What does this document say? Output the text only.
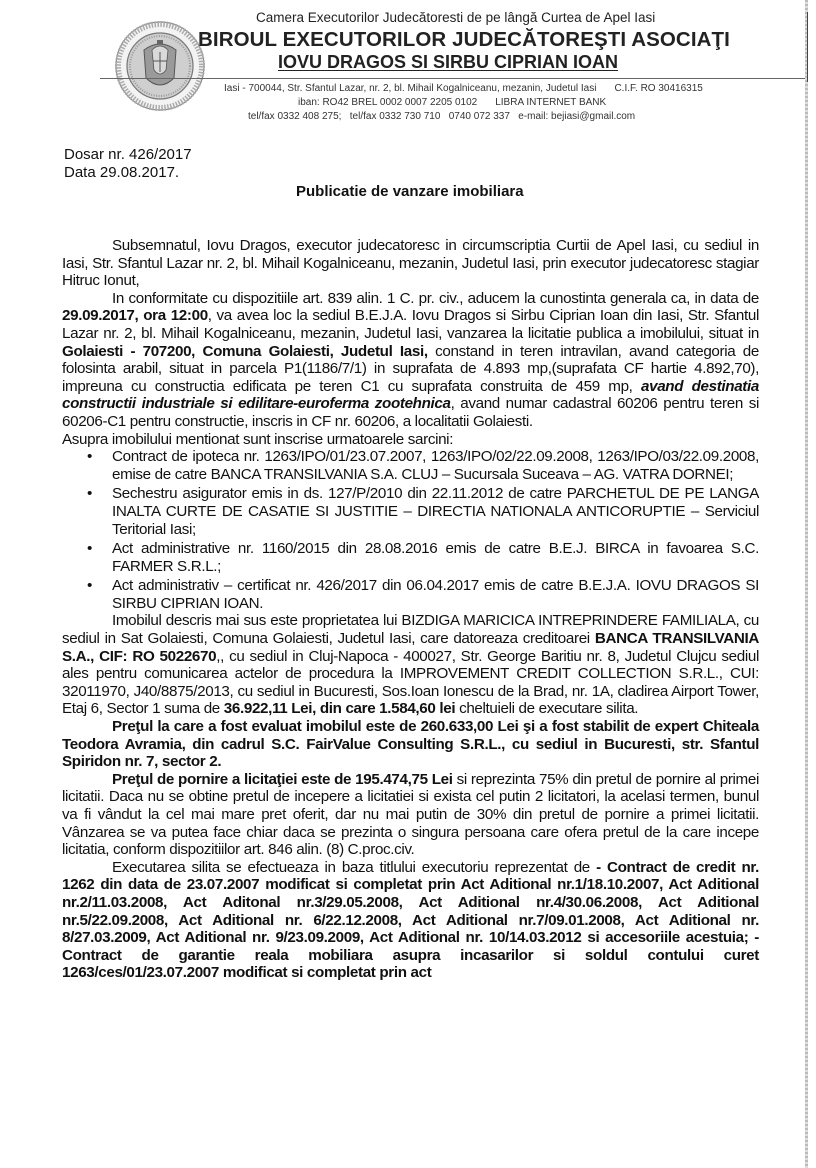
Camera Executorilor Judecătoresti de pe lângă Curtea de Apel Iasi
BIROUL EXECUTORILOR JUDECĂTOREŞTI ASOCIAŢI
IOVU DRAGOS SI SIRBU CIPRIAN IOAN
Iasi - 700044, Str. Sfantul Lazar, nr. 2, bl. Mihail Kogalniceanu, mezanin, Judetul Iasi C.I.F. RO 30416315
iban: RO42 BREL 0002 0007 2205 0102 LIBRA INTERNET BANK
tel/fax 0332 408 275; tel/fax 0332 730 710 0740 072 337 e-mail: bejiasi@gmail.com
Dosar nr. 426/2017
Data 29.08.2017.
Publicatie de vanzare imobiliara

Subsemnatul, Iovu Dragos, executor judecatoresc in circumscriptia Curtii de Apel Iasi, cu sediul in Iasi, Str. Sfantul Lazar nr. 2, bl. Mihail Kogalniceanu, mezanin, Judetul Iasi, prin executor judecatoresc stagiar Hitruc Ionut,

In conformitate cu dispozitiile art. 839 alin. 1 C. pr. civ., aducem la cunostinta generala ca, in data de 29.09.2017, ora 12:00, va avea loc la sediul B.E.J.A. Iovu Dragos si Sirbu Ciprian Ioan din Iasi, Str. Sfantul Lazar nr. 2, bl. Mihail Kogalniceanu, mezanin, Judetul Iasi, vanzarea la licitatie publica a imobilului, situat in Golaiesti - 707200, Comuna Golaiesti, Judetul Iasi, constand in teren intravilan, avand categoria de folosinta arabil, situat in parcela P1(1186/7/1) in suprafata de 4.893 mp,(suprafata CF hartie 4.892,70), impreuna cu constructia edificata pe teren C1 cu suprafata construita de 459 mp, avand destinatia constructii industriale si edilitare-euroferma zootehnica, avand numar cadastral 60206 pentru teren si 60206-C1 pentru constructie, inscris in CF nr. 60206, a localitatii Golaiesti.

Asupra imobilului mentionat sunt inscrise urmatoarele sarcini:

• Contract de ipoteca nr. 1263/IPO/01/23.07.2007, 1263/IPO/02/22.09.2008, 1263/IPO/03/22.09.2008, emise de catre BANCA TRANSILVANIA S.A. CLUJ – Sucursala Suceava – AG. VATRA DORNEI;
• Sechestru asigurator emis in ds. 127/P/2010 din 22.11.2012 de catre PARCHETUL DE PE LANGA INALTA CURTE DE CASATIE SI JUSTITIE – DIRECTIA NATIONALA ANTICORUPTIE – Serviciul Teritorial Iasi;
• Act administrative nr. 1160/2015 din 28.08.2016 emis de catre B.E.J. BIRCA in favoarea S.C. FARMER S.R.L.;
• Act administrativ – certificat nr. 426/2017 din 06.04.2017 emis de catre B.E.J.A. IOVU DRAGOS SI SIRBU CIPRIAN IOAN.

Imobilul descris mai sus este proprietatea lui BIZDIGA MARICICA INTREPRINDERE FAMILIALA, cu sediul in Sat Golaiesti, Comuna Golaiesti, Judetul Iasi, care datoreaza creditoarei BANCA TRANSILVANIA S.A., CIF: RO 5022670,, cu sediul in Cluj-Napoca - 400027, Str. George Baritiu nr. 8, Judetul Clujcu sediul ales pentru comunicarea actelor de procedura la IMPROVEMENT CREDIT COLLECTION S.R.L., CUI: 32011970, J40/8875/2013, cu sediul in Bucuresti, Sos.Ioan Ionescu de la Brad, nr. 1A, cladirea Airport Tower, Etaj 6, Sector 1 suma de 36.922,11 Lei, din care 1.584,60 lei cheltuieli de executare silita.

Preţul la care a fost evaluat imobilul este de 260.633,00 Lei şi a fost stabilit de expert Chiteala Teodora Avramia, din cadrul S.C. FairValue Consulting S.R.L., cu sediul in Bucuresti, str. Sfantul Spiridon nr. 7, sector 2.

Preţul de pornire a licitaţiei este de 195.474,75 Lei si reprezinta 75% din pretul de pornire al primei licitatii. Daca nu se obtine pretul de incepere a licitatiei si exista cel putin 2 licitatori, la acelasi termen, bunul va fi vândut la cel mai mare pret oferit, dar nu mai putin de 30% din pretul de pornire a primei licitatii. Vânzarea se va putea face chiar daca se prezinta o singura persoana care ofera pretul de la care incepe licitatia, conform dispozitiilor art. 846 alin. (8) C.proc.civ.

Executarea silita se efectueaza in baza titlului executoriu reprezentat de - Contract de credit nr. 1262 din data de 23.07.2007 modificat si completat prin Act Aditional nr.1/18.10.2007, Act Aditional nr.2/11.03.2008, Act Aditonal nr.3/29.05.2008, Act Aditional nr.4/30.06.2008, Act Aditional nr.5/22.09.2008, Act Aditional nr. 6/22.12.2008, Act Aditional nr.7/09.01.2008, Act Aditional nr. 8/27.03.2009, Act Aditional nr. 9/23.09.2009, Act Aditional nr. 10/14.03.2012 si accesoriile acestuia; - Contract de garantie reala mobiliara asupra incasarilor si soldul contului curet 1263/ces/01/23.07.2007 modificat si completat prin act
